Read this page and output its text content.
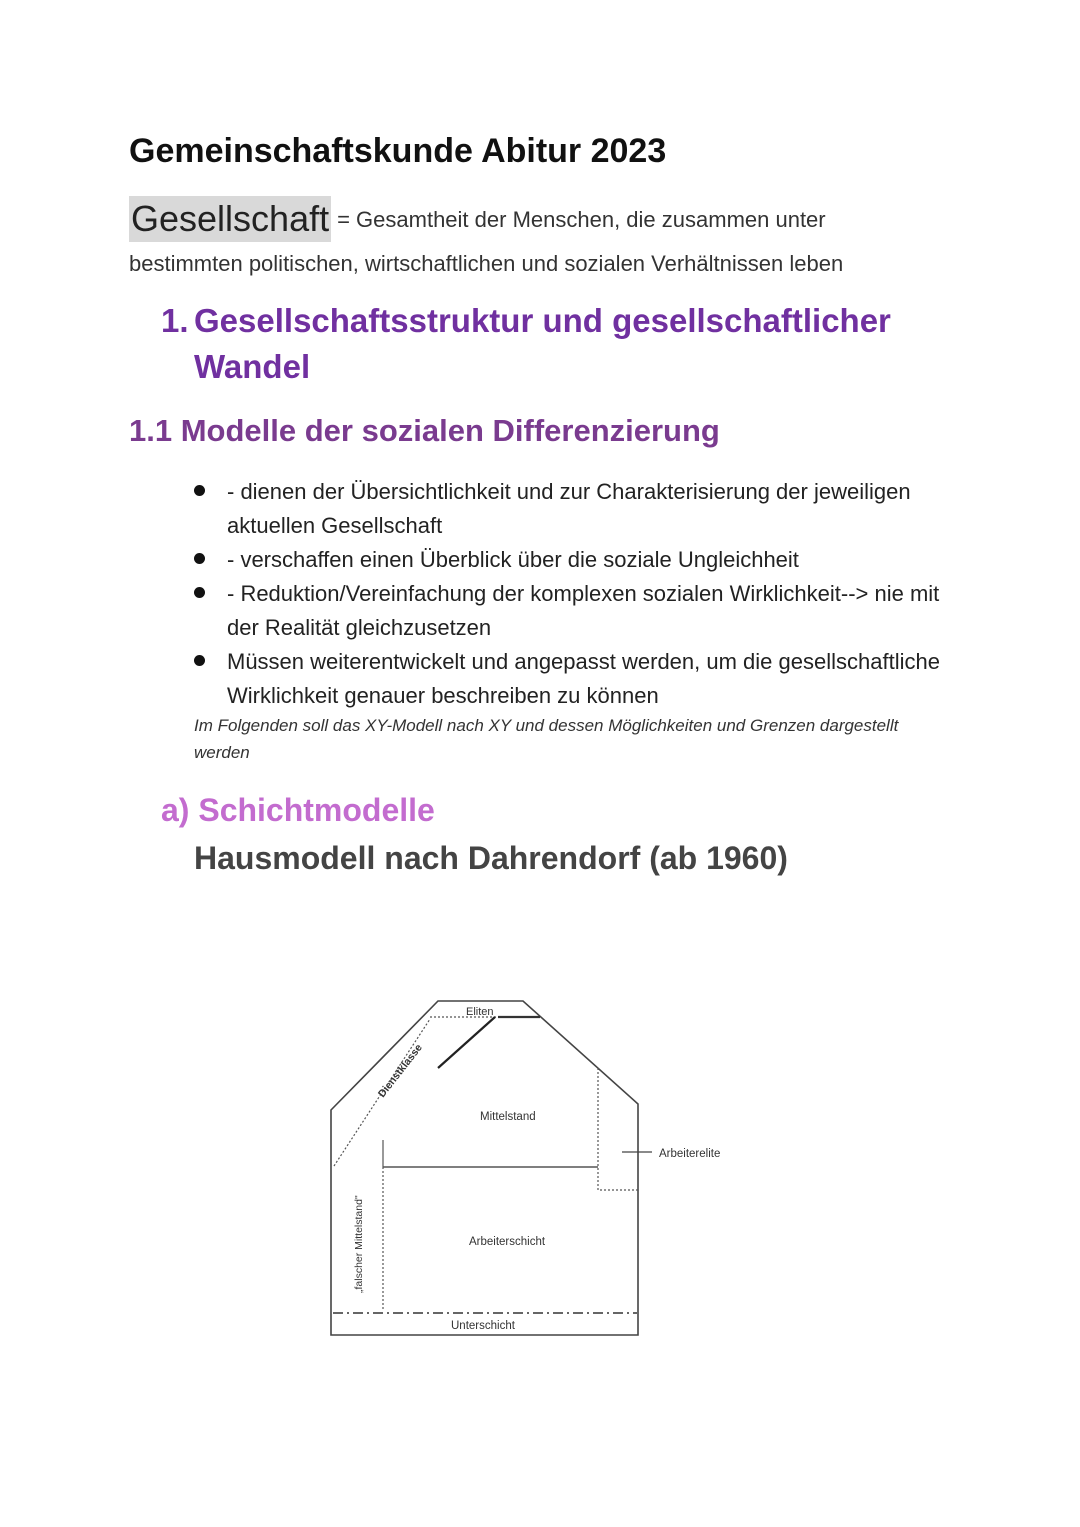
Gemeinschaftskunde Abitur 2023
Gesellschaft = Gesamtheit der Menschen, die zusammen unter
bestimmten politischen, wirtschaftlichen und sozialen Verhältnissen leben
1. Gesellschaftsstruktur und gesellschaftlicher
Wandel
1.1 Modelle der sozialen Differenzierung
- dienen der Übersichtlichkeit und zur Charakterisierung der jeweiligen aktuellen Gesellschaft
- verschaffen einen Überblick über die soziale Ungleichheit
- Reduktion/Vereinfachung der komplexen sozialen Wirklichkeit--> nie mit der Realität gleichzusetzen
Müssen weiterentwickelt und angepasst werden, um die gesellschaftliche Wirklichkeit genauer beschreiben zu können
Im Folgenden soll das XY-Modell nach XY und dessen Möglichkeiten und Grenzen dargestellt werden
a) Schichtmodelle
Hausmodell nach Dahrendorf (ab 1960)
Eliten
Dienstklasse
Mittelstand
Arbeiterelite
„falscher Mittelstand"	Arbeiterschicht
Unterschicht
